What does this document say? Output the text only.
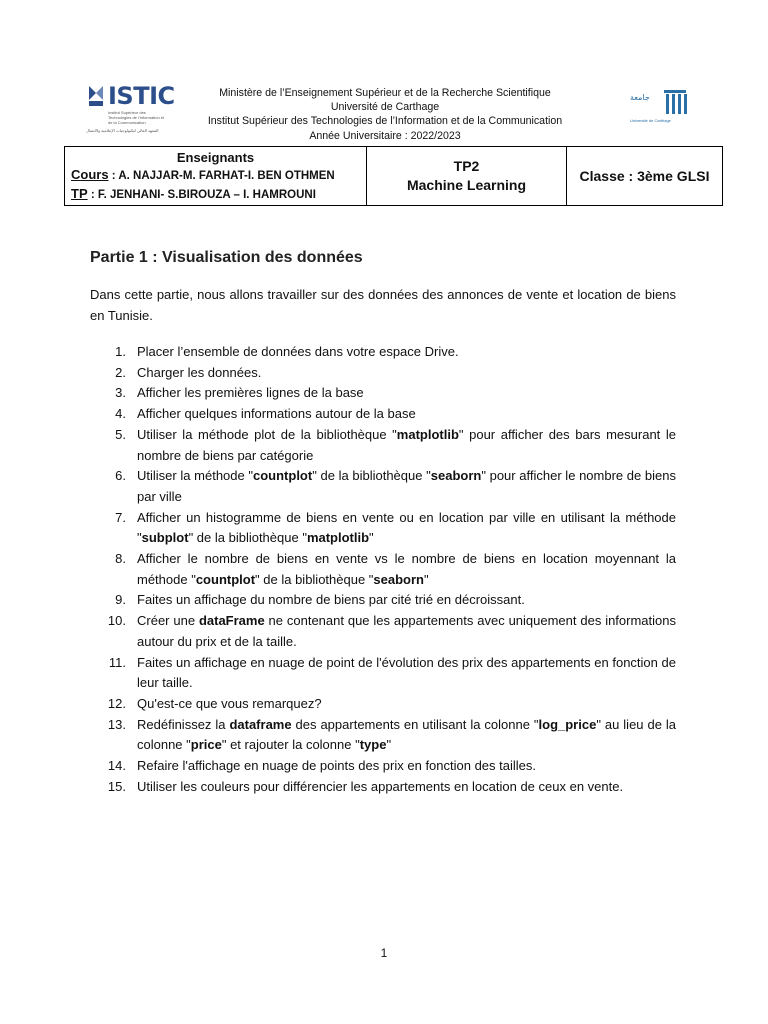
ISTIC
Institut Supérieur des Technologies de l'Information et de la Communication
المعهد العالي لتكنولوجيات الإعلامية والاتصال
Ministère de l’Enseignement Supérieur et de la Recherche Scientifique
Université de Carthage
Institut Supérieur des Technologies de l’Information et de la Communication
Année Universitaire : 2022/2023
جامعة
Université de Carthage
Enseignants
Cours : A. NAJJAR-M. FARHAT-I. BEN OTHMEN
TP : F. JENHANI- S.BIROUZA – I. HAMROUNI
TP2
Machine Learning
Classe : 3ème GLSI
Partie 1 : Visualisation des données
Dans cette partie, nous allons travailler sur des données des annonces de vente et location de biens en Tunisie.
1. Placer l’ensemble de données dans votre espace Drive.
2. Charger les données.
3. Afficher les premières lignes de la base
4. Afficher quelques informations autour de la base
5. Utiliser la méthode plot de la bibliothèque "matplotlib" pour afficher des bars mesurant le nombre de biens par catégorie
6. Utiliser la méthode "countplot" de la bibliothèque "seaborn" pour afficher le nombre de biens par ville
7. Afficher un histogramme de biens en vente ou en location par ville en utilisant la méthode "subplot" de la bibliothèque "matplotlib"
8. Afficher le nombre de biens en vente vs le nombre de biens en location moyennant la méthode "countplot" de la bibliothèque "seaborn"
9. Faites un affichage du nombre de biens par cité trié en décroissant.
10. Créer une dataFrame ne contenant que les appartements avec uniquement des informations autour du prix et de la taille.
11. Faites un affichage en nuage de point de l'évolution des prix des appartements en fonction de leur taille.
12. Qu'est-ce que vous remarquez?
13. Redéfinissez la dataframe des appartements en utilisant la colonne "log_price" au lieu de la colonne "price" et rajouter la colonne "type"
14. Refaire l'affichage en nuage de points des prix en fonction des tailles.
15. Utiliser les couleurs pour différencier les appartements en location de ceux en vente.
1
